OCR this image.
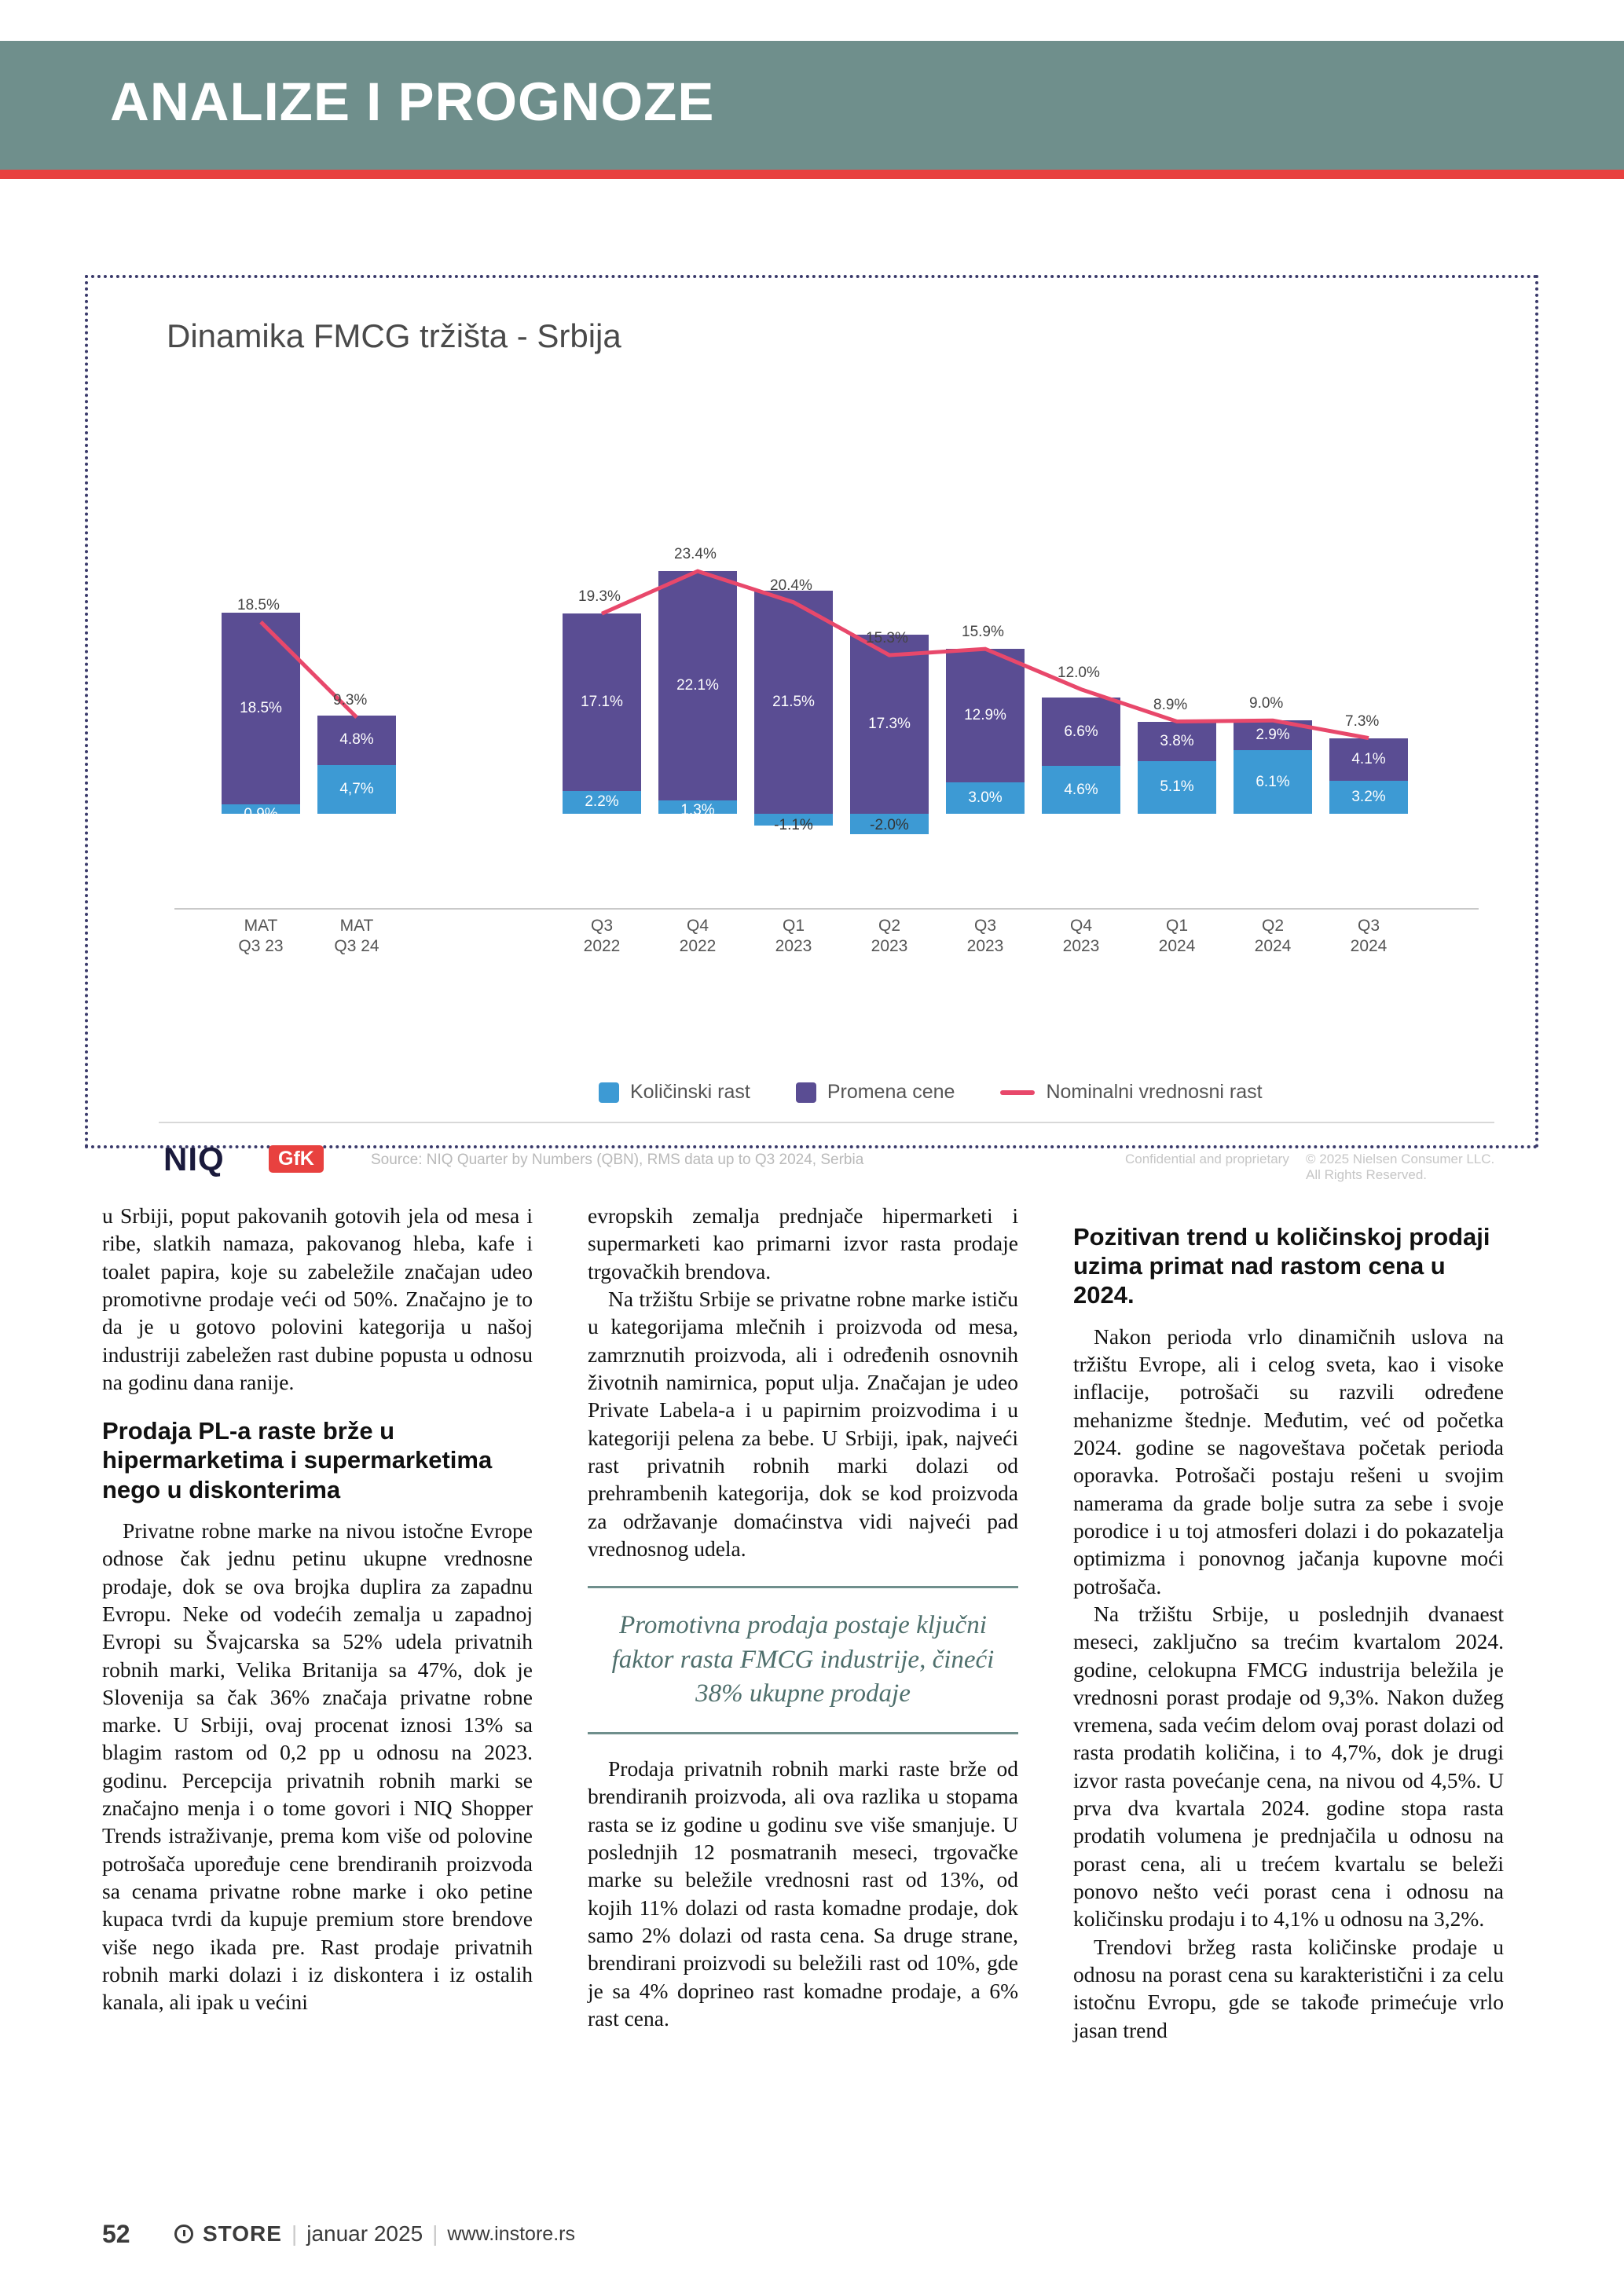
ANALIZE I PROGNOZE
Dinamika FMCG tržišta - Srbija
0,9%
18.5%
MAT
Q3 23
4,7%
4.8%
MAT
Q3 24
2.2%
17.1%
Q3
2022
1.3%
22.1%
Q4
2022
-1.1%
21.5%
Q1
2023
-2.0%
17.3%
Q2
2023
3.0%
12.9%
Q3
2023
4.6%
6.6%
Q4
2023
5.1%
3.8%
Q1
2024
6.1%
2.9%
Q2
2024
3.2%
4.1%
Q3
2024
18.5%
9.3%
19.3%
23.4%
20.4%
15.3%	15.9%
12.0%
8.9%	9.0%
7.3%
Količinski rast	Promena cene	Nominalni vrednosni rast
NIQ	GfK	Source: NIQ Quarter by Numbers (QBN), RMS data up to Q3 2024, Serbia	Confidential and proprietary © 2025 Nielsen Consumer LLC. All Rights Reserved.

u Srbiji, poput pakovanih gotovih jela od mesa i ribe, slatkih namaza, pakovanog hleba, kafe i toalet papira, koje su zabeležile značajan udeo promotivne prodaje veći od 50%. Značajno je to da je u gotovo polovini kategorija u našoj industriji zabeležen rast dubine popusta u odnosu na godinu dana ranije.

Prodaja PL-a raste brže u hipermarketima i supermarketima nego u diskonterima

Privatne robne marke na nivou istočne Evrope odnose čak jednu petinu ukupne vrednosne prodaje, dok se ova brojka duplira za zapadnu Evropu. Neke od vodećih zemalja u zapadnoj Evropi su Švajcarska sa 52% udela privatnih robnih marki, Velika Britanija sa 47%, dok je Slovenija sa čak 36% značaja privatne robne marke. U Srbiji, ovaj procenat iznosi 13% sa blagim rastom od 0,2 pp u odnosu na 2023. godinu. Percepcija privatnih robnih marki se značajno menja i o tome govori i NIQ Shopper Trends istraživanje, prema kom više od polovine potrošača upoređuje cene brendiranih proizvoda sa cenama privatne robne marke i oko petine kupaca tvrdi da kupuje premium store brendove više nego ikada pre. Rast prodaje privatnih robnih marki dolazi i iz diskontera i iz ostalih kanala, ali ipak u većini

evropskih zemalja prednjače hipermarketi i supermarketi kao primarni izvor rasta prodaje trgovačkih brendova.

Na tržištu Srbije se privatne robne marke ističu u kategorijama mlečnih i proizvoda od mesa, zamrznutih proizvoda, ali i određenih osnovnih životnih namirnica, poput ulja. Značajan je udeo Private Labela-a i u papirnim proizvodima i u kategoriji pelena za bebe. U Srbiji, ipak, najveći rast privatnih robnih marki dolazi od prehrambenih kategorija, dok se kod proizvoda za održavanje domaćinstva vidi najveći pad vrednosnog udela.

Promotivna prodaja postaje ključni faktor rasta FMCG industrije, čineći 38% ukupne prodaje

Prodaja privatnih robnih marki raste brže od brendiranih proizvoda, ali ova razlika u stopama rasta se iz godine u godinu sve više smanjuje. U poslednjih 12 posmatranih meseci, trgovačke marke su beležile vrednosni rast od 13%, od kojih 11% dolazi od rasta komadne prodaje, dok samo 2% dolazi od rasta cena. Sa druge strane, brendirani proizvodi su beležili rast od 10%, gde je sa 4% doprineo rast komadne prodaje, a 6% rast cena.

Pozitivan trend u količinskoj prodaji uzima primat nad rastom cena u 2024.

Nakon perioda vrlo dinamičnih uslova na tržištu Evrope, ali i celog sveta, kao i visoke inflacije, potrošači su razvili određene mehanizme štednje. Međutim, već od početka 2024. godine se nagoveštava početak perioda oporavka. Potrošači postaju rešeni u svojim namerama da grade bolje sutra za sebe i svoje porodice i u toj atmosferi dolazi i do pokazatelja optimizma i ponovnog jačanja kupovne moći potrošača.

Na tržištu Srbije, u poslednjih dvanaest meseci, zaključno sa trećim kvartalom 2024. godine, celokupna FMCG industrija beležila je vrednosni porast prodaje od 9,3%. Nakon dužeg vremena, sada većim delom ovaj porast dolazi od rasta prodatih količina, i to 4,7%, dok je drugi izvor rasta povećanje cena, na nivou od 4,5%. U prva dva kvartala 2024. godine stopa rasta prodatih volumena je prednjačila u odnosu na porast cena, ali u trećem kvartalu se beleži ponovo nešto veći porast cena i odnosu na količinsku prodaju i to 4,1% u odnosu na 3,2%.

Trendovi bržeg rasta količinske prodaje u odnosu na porast cena su karakteristični i za celu istočnu Evropu, gde se takođe primećuje vrlo jasan trend

52	STORE | januar 2025 | www.instore.rs
